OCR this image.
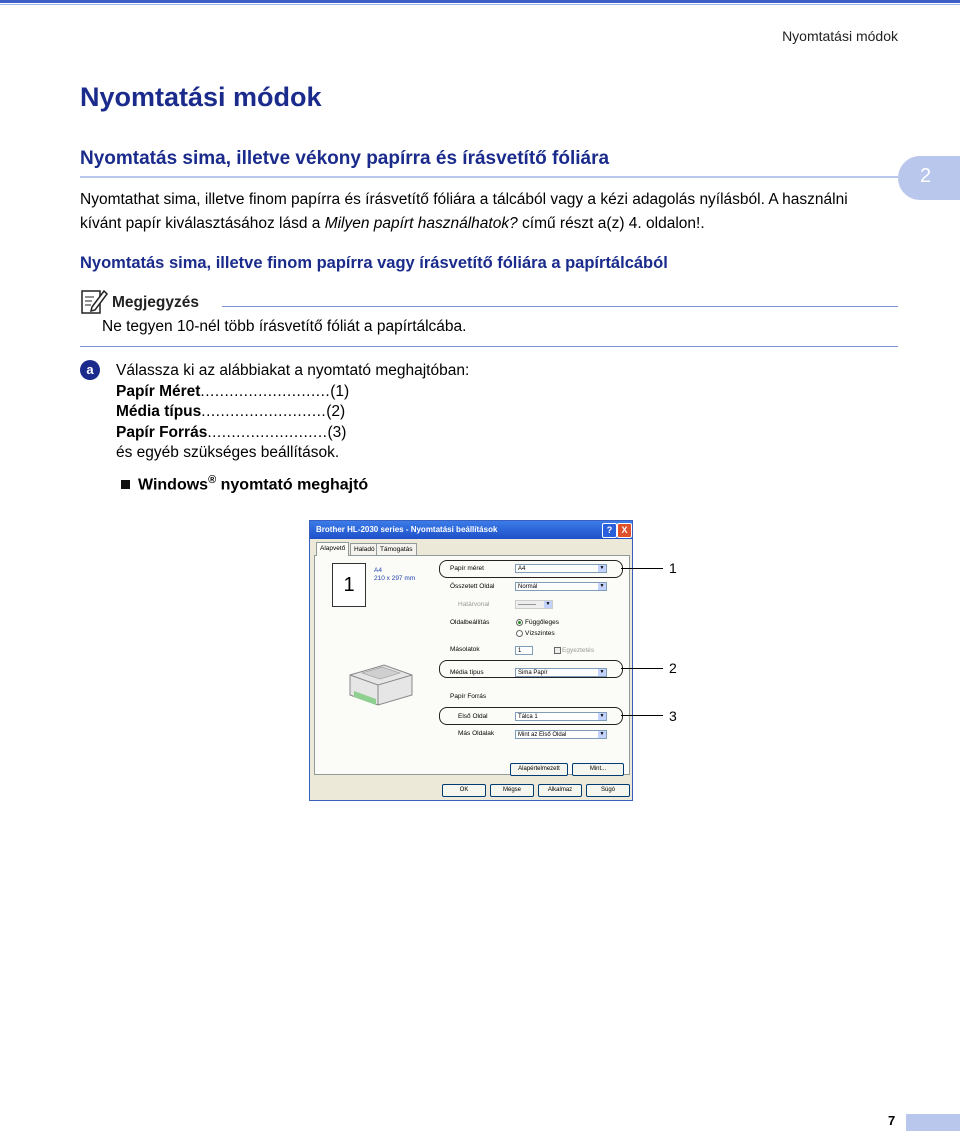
Nyomtatási módok
Nyomtatási módok
Nyomtatás sima, illetve vékony papírra és írásvetítő fóliára
2
Nyomtathat sima, illetve finom papírra és írásvetítő fóliára a tálcából vagy a kézi adagolás nyílásból. A használni kívánt papír kiválasztásához lásd a Milyen papírt használhatok? című részt a(z) 4. oldalon!.
Nyomtatás sima, illetve finom papírra vagy írásvetítő fóliára a papírtálcából
Megjegyzés
Ne tegyen 10-nél több írásvetítő fóliát a papírtálcába.
a	Válassza ki az alábbiakat a nyomtató meghajtóban:
Papír Méret ........................... (1)
Média típus .......................... (2)
Papír Forrás ......................... (3)
és egyéb szükséges beállítások.
Windows® nyomtató meghajtó
Brother HL-2030 series - Nyomtatási beállítások	?	X
Alapvető	Haladó Támogatás
1
A4
210 x 297 mm
Papír méret	A4	▼
Összetett Oldal	Normál	▼
Határvonal	---------	▼
Oldalbeállítás	Függőleges
Vízszintes
Másolatok	1	Egyeztetés
Média típus	Sima Papír	▼
Papír Forrás
Első Oldal	Tálca 1	▼
Más Oldalak	Mint az Első Oldal	▼
Alapértelmezett	Mint...
OK	Mégse	Alkalmaz	Súgó
1
2
3
7
